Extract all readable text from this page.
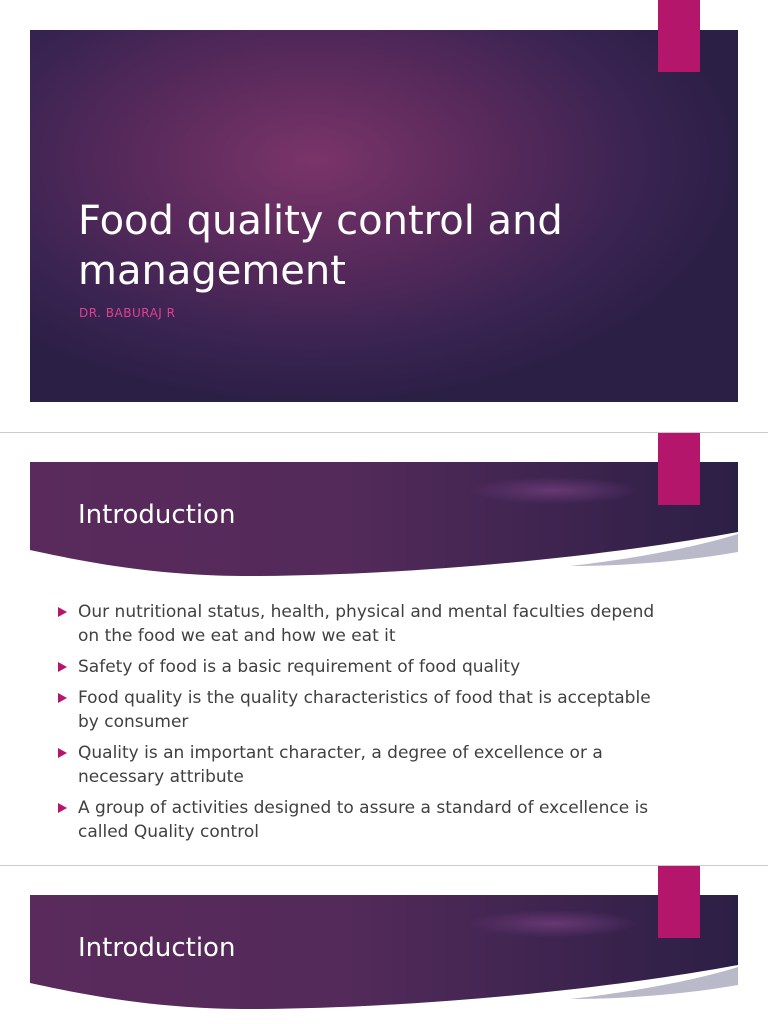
Food quality control and management

DR. BABURAJ R

Introduction
Our nutritional status, health, physical and mental faculties depend on the food we eat and how we eat it
Safety of food is a basic requirement of food quality
Food quality is the quality characteristics of food that is acceptable by consumer
Quality is an important character, a degree of excellence or a necessary attribute
A group of activities designed to assure a standard of excellence is called Quality control
Introduction
